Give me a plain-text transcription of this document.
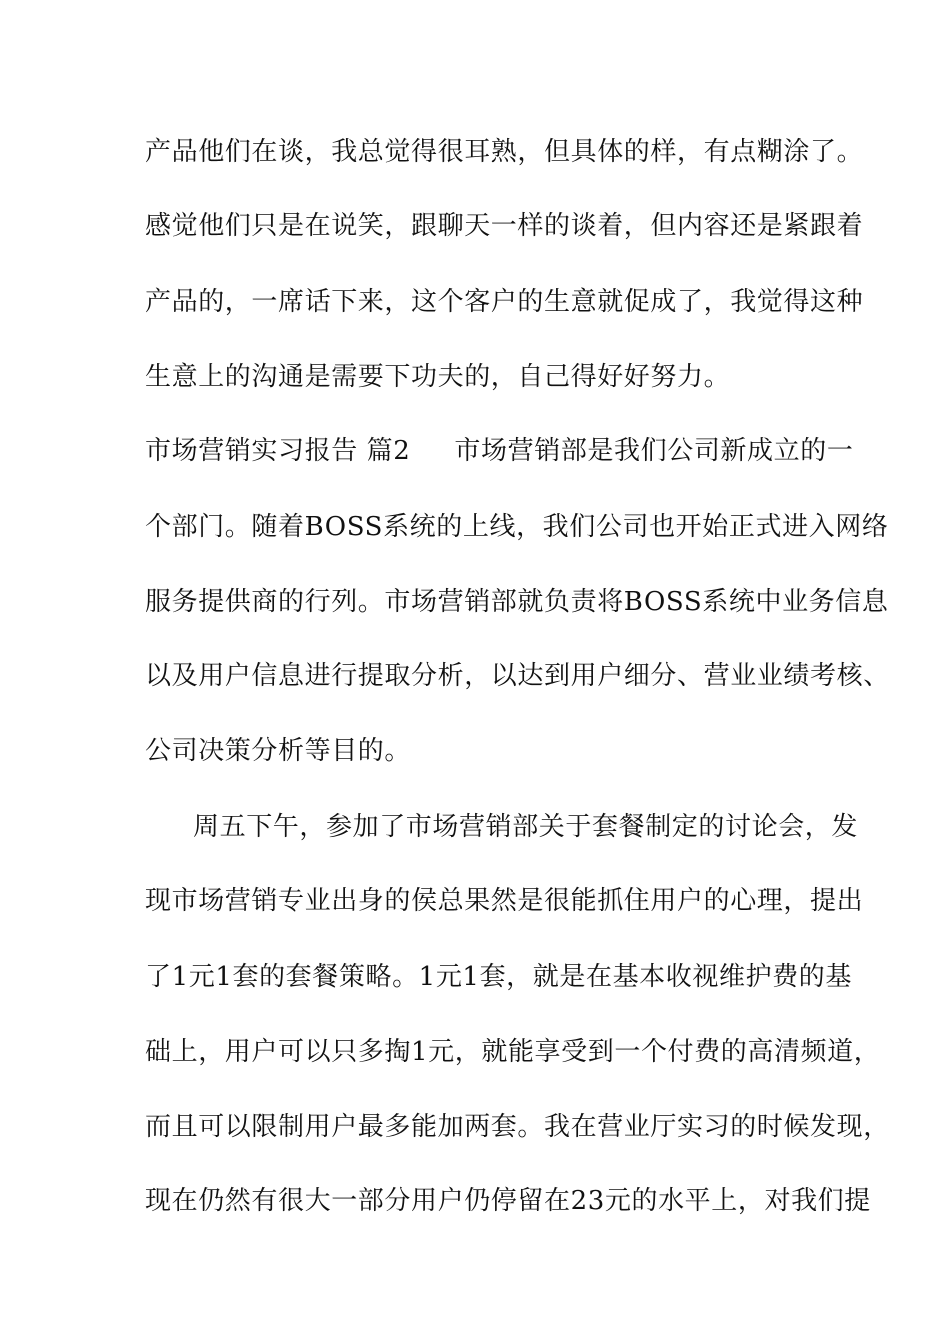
产品他们在谈，我总觉得很耳熟，但具体的样，有点糊涂了。

感觉他们只是在说笑，跟聊天一样的谈着，但内容还是紧跟着

产品的，一席话下来，这个客户的生意就促成了，我觉得这种

生意上的沟通是需要下功夫的，自己得好好努力。

市场营销实习报告 篇2 市场营销部是我们公司新成立的一

个部门。随着BOSS系统的上线，我们公司也开始正式进入网络

服务提供商的行列。市场营销部就负责将BOSS系统中业务信息

以及用户信息进行提取分析，以达到用户细分、营业业绩考核、

公司决策分析等目的。

周五下午，参加了市场营销部关于套餐制定的讨论会，发

现市场营销专业出身的侯总果然是很能抓住用户的心理，提出

了1元1套的套餐策略。1元1套，就是在基本收视维护费的基

础上，用户可以只多掏1元，就能享受到一个付费的高清频道，

而且可以限制用户最多能加两套。我在营业厅实习的时候发现，

现在仍然有很大一部分用户仍停留在23元的水平上，对我们提
